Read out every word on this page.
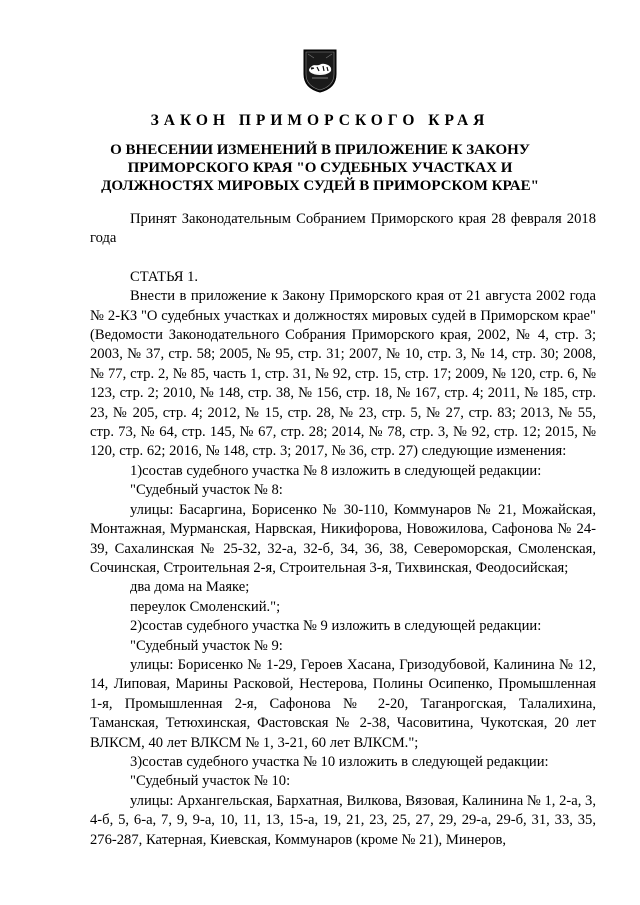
ЗАКОН ПРИМОРСКОГО КРАЯ
О ВНЕСЕНИИ ИЗМЕНЕНИЙ В ПРИЛОЖЕНИЕ К ЗАКОНУ
ПРИМОРСКОГО КРАЯ "О СУДЕБНЫХ УЧАСТКАХ И
ДОЛЖНОСТЯХ МИРОВЫХ СУДЕЙ В ПРИМОРСКОМ КРАЕ"

Принят Законодательным Собранием Приморского края 28 февраля 2018 года

СТАТЬЯ 1.

Внести в приложение к Закону Приморского края от 21 августа 2002 года № 2-КЗ "О судебных участках и должностях мировых судей в Приморском крае" (Ведомости Законодательного Собрания Приморского края, 2002, № 4, стр. 3; 2003, № 37, стр. 58; 2005, № 95, стр. 31; 2007, № 10, стр. 3, № 14, стр. 30; 2008, № 77, стр. 2, № 85, часть 1, стр. 31, № 92, стр. 15, стр. 17; 2009, № 120, стр. 6, № 123, стр. 2; 2010, № 148, стр. 38, № 156, стр. 18, № 167, стр. 4; 2011, № 185, стр. 23, № 205, стр. 4; 2012, № 15, стр. 28, № 23, стр. 5, № 27, стр. 83; 2013, № 55, стр. 73, № 64, стр. 145, № 67, стр. 28; 2014, № 78, стр. 3, № 92, стр. 12; 2015, № 120, стр. 62; 2016, № 148, стр. 3; 2017, № 36, стр. 27) следующие изменения:

1)состав судебного участка № 8 изложить в следующей редакции:

"Судебный участок № 8:

улицы: Басаргина, Борисенко № 30-110, Коммунаров № 21, Можайская, Монтажная, Мурманская, Нарвская, Никифорова, Новожилова, Сафонова № 24-39, Сахалинская № 25-32, 32-а, 32-б, 34, 36, 38, Североморская, Смоленская, Сочинская, Строительная 2-я, Строительная 3-я, Тихвинская, Феодосийская;

два дома на Маяке;

переулок Смоленский.";

2)состав судебного участка № 9 изложить в следующей редакции:

"Судебный участок № 9:

улицы: Борисенко № 1-29, Героев Хасана, Гризодубовой, Калинина № 12, 14, Липовая, Марины Расковой, Нестерова, Полины Осипенко, Промышленная 1-я, Промышленная 2-я, Сафонова № 2-20, Таганрогская, Талалихина, Таманская, Тетюхинская, Фастовская № 2-38, Часовитина, Чукотская, 20 лет ВЛКСМ, 40 лет ВЛКСМ № 1, 3-21, 60 лет ВЛКСМ.";

3)состав судебного участка № 10 изложить в следующей редакции:

"Судебный участок № 10:

улицы: Архангельская, Бархатная, Вилкова, Вязовая, Калинина № 1, 2-а, 3, 4-б, 5, 6-а, 7, 9, 9-а, 10, 11, 13, 15-а, 19, 21, 23, 25, 27, 29, 29-а, 29-б, 31, 33, 35, 276-287, Катерная, Киевская, Коммунаров (кроме № 21), Минеров,
